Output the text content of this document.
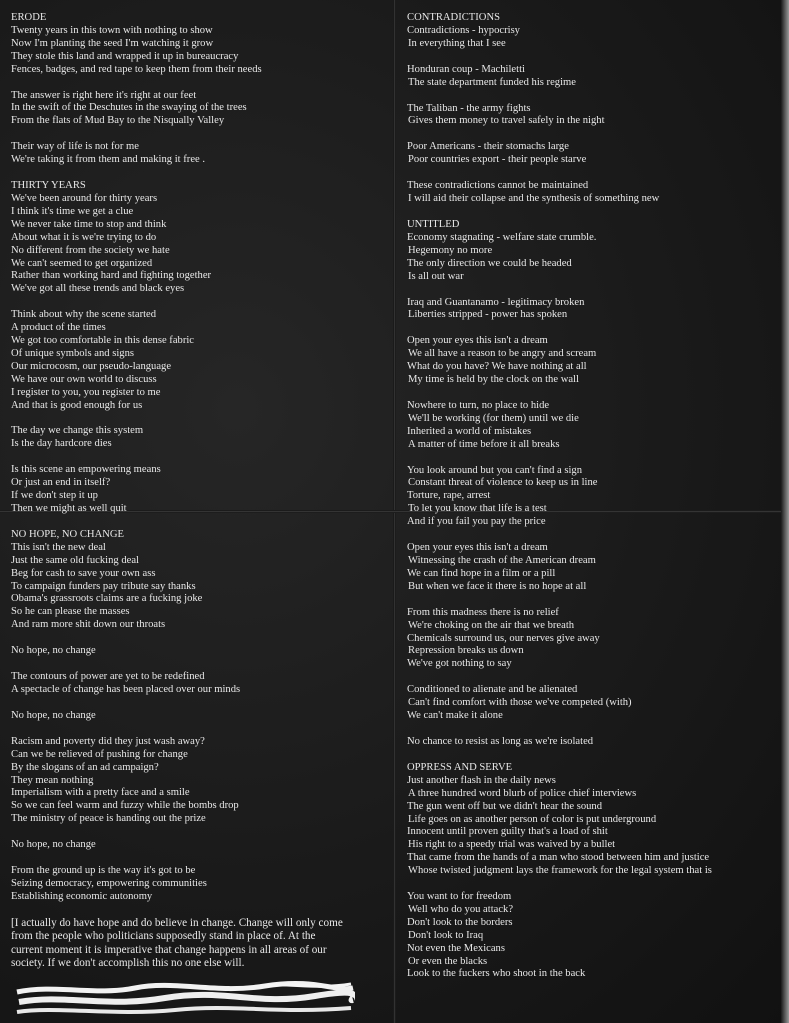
ERODE
Twenty years in this town with nothing to show
Now I'm planting the seed I'm watching it grow
They stole this land and wrapped it up in bureaucracy
Fences, badges, and red tape to keep them from their needs
The answer is right here it's right at our feet
In the swift of the Deschutes in the swaying of the trees
From the flats of Mud Bay to the Nisqually Valley
Their way of life is not for me
We're taking it from them and making it free .
THIRTY YEARS
We've been around for thirty years
I think it's time we get a clue
We never take time to stop and think
About what it is we're trying to do
No different from the society we hate
We can't seemed to get organized
Rather than working hard and fighting together
We've got all these trends and black eyes
Think about why the scene started
A product of the times
We got too comfortable in this dense fabric
Of unique symbols and signs
Our microcosm, our pseudo-language
We have our own world to discuss
I register to you, you register to me
And that is good enough for us
The day we change this system
Is the day hardcore dies
Is this scene an empowering means
Or just an end in itself?
If we don't step it up
Then we might as well quit
NO HOPE, NO CHANGE
This isn't the new deal
Just the same old fucking deal
Beg for cash to save your own ass
To campaign funders pay tribute say thanks
Obama's grassroots claims are a fucking joke
So he can please the masses
And ram more shit down our throats
No hope, no change
The contours of power are yet to be redefined
A spectacle of change has been placed over our minds
No hope, no change
Racism and poverty did they just wash away?
Can we be relieved of pushing for change
By the slogans of an ad campaign?
They mean nothing
Imperialism with a pretty face and a smile
So we can feel warm and fuzzy while the bombs drop
The ministry of peace is handing out the prize
No hope, no change
From the ground up is the way it's got to be
Seizing democracy, empowering communities
Establishing economic autonomy
[I actually do have hope and do believe in change. Change will only come
from the people who politicians supposedly stand in place of. At the
current moment it is imperative that change happens in all areas of our
society. If we don't accomplish this no one else will.
CONTRADICTIONS
Contradictions - hypocrisy
In everything that I see
Honduran coup - Machiletti
The state department funded his regime
The Taliban - the army fights
Gives them money to travel safely in the night
Poor Americans - their stomachs large
Poor countries export - their people starve
These contradictions cannot be maintained
I will aid their collapse and the synthesis of something new
UNTITLED
Economy stagnating - welfare state crumble.
Hegemony no more
The only direction we could be headed
Is all out war
Iraq and Guantanamo - legitimacy broken
Liberties stripped - power has spoken
Open your eyes this isn't a dream
We all have a reason to be angry and scream
What do you have? We have nothing at all
My time is held by the clock on the wall
Nowhere to turn, no place to hide
We'll be working (for them) until we die
Inherited a world of mistakes
A matter of time before it all breaks
You look around but you can't find a sign
Constant threat of violence to keep us in line
Torture, rape, arrest
To let you know that life is a test
And if you fail you pay the price
Open your eyes this isn't a dream
Witnessing the crash of the American dream
We can find hope in a film or a pill
But when we face it there is no hope at all
From this madness there is no relief
We're choking on the air that we breath
Chemicals surround us, our nerves give away
Repression breaks us down
We've got nothing to say
Conditioned to alienate and be alienated
Can't find comfort with those we've competed (with)
We can't make it alone
No chance to resist as long as we're isolated
OPPRESS AND SERVE
Just another flash in the daily news
A three hundred word blurb of police chief interviews
The gun went off but we didn't hear the sound
Life goes on as another person of color is put underground
Innocent until proven guilty that's a load of shit
His right to a speedy trial was waived by a bullet
That came from the hands of a man who stood between him and justice
Whose twisted judgment lays the framework for the legal system that is
You want to for freedom
Well who do you attack?
Don't look to the borders
Don't look to Iraq
Not even the Mexicans
Or even the blacks
Look to the fuckers who shoot in the back
